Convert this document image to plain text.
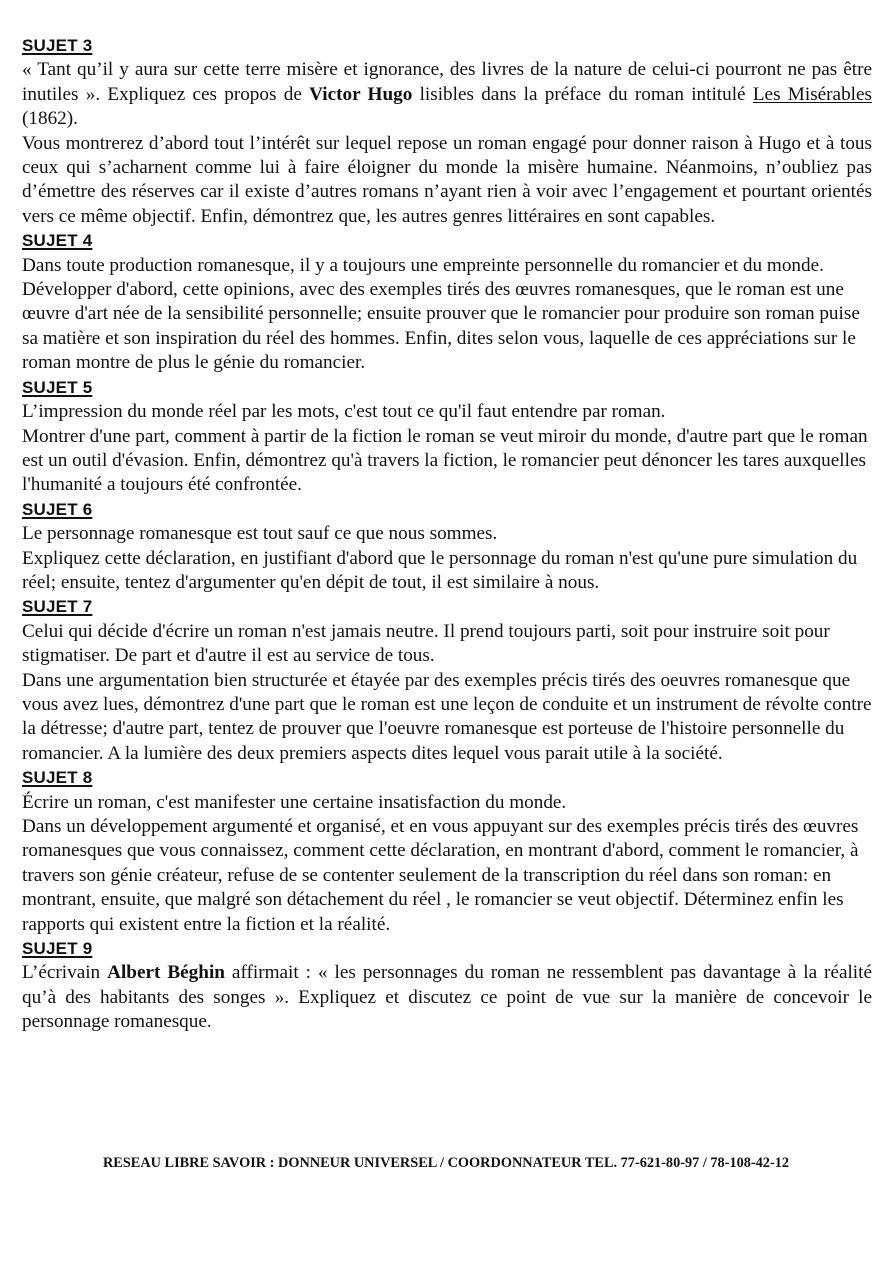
SUJET 3

« Tant qu’il y aura sur cette terre misère et ignorance, des livres de la nature de celui-ci pourront ne pas être inutiles ». Expliquez ces propos de Victor Hugo lisibles dans la préface du roman intitulé Les Misérables (1862).

Vous montrerez d’abord tout l’intérêt sur lequel repose un roman engagé pour donner raison à Hugo et à tous ceux qui s’acharnent comme lui à faire éloigner du monde la misère humaine. Néanmoins, n’oubliez pas d’émettre des réserves car il existe d’autres romans n’ayant rien à voir avec l’engagement et pourtant orientés vers ce même objectif. Enfin, démontrez que, les autres genres littéraires en sont capables.

SUJET 4

Dans toute production romanesque, il y a toujours une empreinte personnelle du romancier et du monde.

Développer d'abord, cette opinions, avec des exemples tirés des œuvres romanesques, que le roman est une œuvre d'art née de la sensibilité personnelle; ensuite prouver que le romancier pour produire son roman puise sa matière et son inspiration du réel des hommes. Enfin, dites selon vous, laquelle de ces appréciations sur le roman montre de plus le génie du romancier.

SUJET 5

L’impression du monde réel par les mots, c'est tout ce qu'il faut entendre par roman.

Montrer d'une part, comment à partir de la fiction le roman se veut miroir du monde, d'autre part que le roman est un outil d'évasion. Enfin, démontrez qu'à travers la fiction, le romancier peut dénoncer les tares auxquelles l'humanité a toujours été confrontée.

SUJET 6

Le personnage romanesque est tout sauf ce que nous sommes.

Expliquez cette déclaration, en justifiant d'abord que le personnage du roman n'est qu'une pure simulation du réel; ensuite, tentez d'argumenter qu'en dépit de tout, il est similaire à nous.

SUJET 7

Celui qui décide d'écrire un roman n'est jamais neutre. Il prend toujours parti, soit pour instruire soit pour stigmatiser. De part et d'autre il est au service de tous.

Dans une argumentation bien structurée et étayée par des exemples précis tirés des oeuvres romanesque que vous avez lues, démontrez d'une part que le roman est une leçon de conduite et un instrument de révolte contre la détresse; d'autre part, tentez de prouver que l'oeuvre romanesque est porteuse de l'histoire personnelle du romancier. A la lumière des deux premiers aspects dites lequel vous parait utile à la société.

SUJET 8

Écrire un roman, c'est manifester une certaine insatisfaction du monde.

Dans un développement argumenté et organisé, et en vous appuyant sur des exemples précis tirés des œuvres romanesques que vous connaissez, comment cette déclaration, en montrant d'abord, comment le romancier, à travers son génie créateur, refuse de se contenter seulement de la transcription du réel dans son roman: en montrant, ensuite, que malgré son détachement du réel , le romancier se veut objectif. Déterminez enfin les rapports qui existent entre la fiction et la réalité.

SUJET 9

L’écrivain Albert Béghin affirmait : « les personnages du roman ne ressemblent pas davantage à la réalité qu’à des habitants des songes ». Expliquez et discutez ce point de vue sur la manière de concevoir le personnage romanesque.

RESEAU LIBRE SAVOIR : DONNEUR UNIVERSEL / COORDONNATEUR TEL. 77-621-80-97 / 78-108-42-12
